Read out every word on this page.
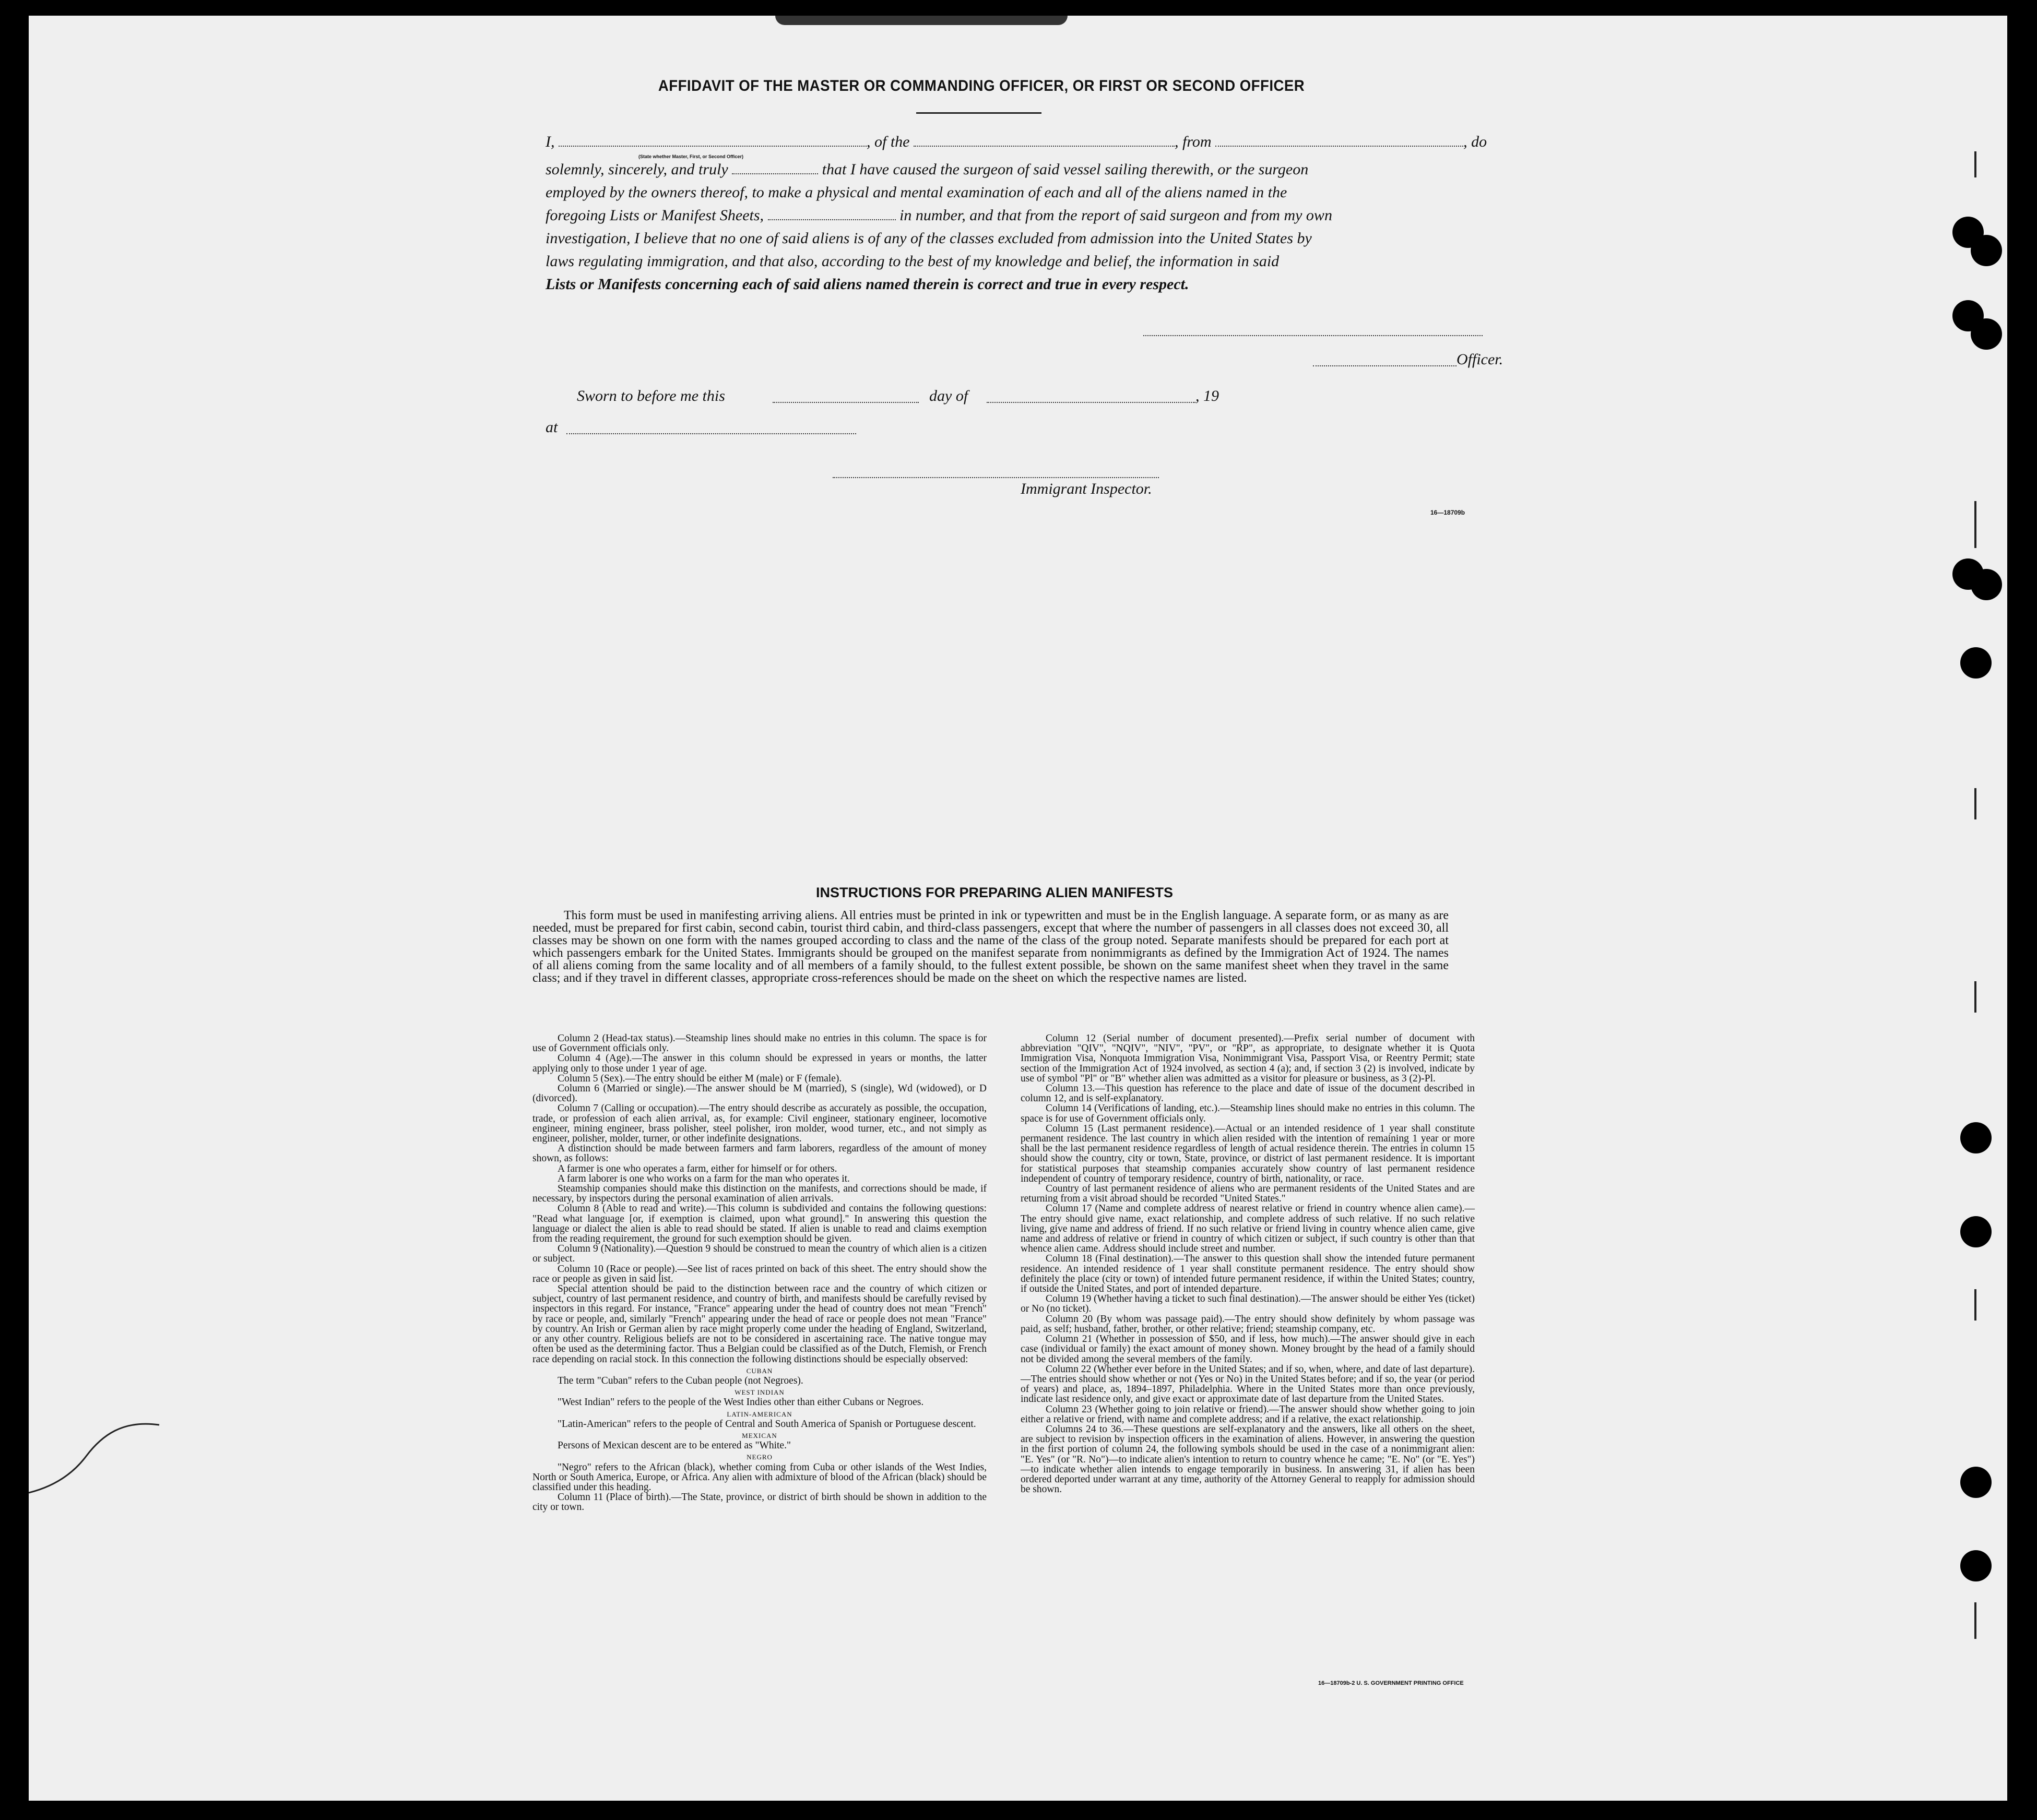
AFFIDAVIT OF THE MASTER OR COMMANDING OFFICER, OR FIRST OR SECOND OFFICER
I,	, of the	, from	, do
(State whether Master, First, or Second Officer)
solemnly, sincerely, and truly	that I have caused the surgeon of said vessel sailing therewith, or the surgeon
employed by the owners thereof, to make a physical and mental examination of each and all of the aliens named in the
foregoing Lists or Manifest Sheets,	in number, and that from the report of said surgeon and from my own
investigation, I believe that no one of said aliens is of any of the classes excluded from admission into the United States by
laws regulating immigration, and that also, according to the best of my knowledge and belief, the information in said
Lists or Manifests concerning each of said aliens named therein is correct and true in every respect.
Officer.
Sworn to before me this	day of	, 19
at
Immigrant Inspector.
16—18709b
INSTRUCTIONS FOR PREPARING ALIEN MANIFESTS

This form must be used in manifesting arriving aliens. All entries must be printed in ink or typewritten and must be in the English language. A separate form, or as many as are needed, must be prepared for first cabin, second cabin, tourist third cabin, and third-class passengers, except that where the number of passengers in all classes does not exceed 30, all classes may be shown on one form with the names grouped according to class and the name of the class of the group noted. Separate manifests should be prepared for each port at which passengers embark for the United States. Immigrants should be grouped on the manifest separate from nonimmigrants as defined by the Immigration Act of 1924. The names of all aliens coming from the same locality and of all members of a family should, to the fullest extent possible, be shown on the same manifest sheet when they travel in the same class; and if they travel in different classes, appropriate cross-references should be made on the sheet on which the respective names are listed.

Column 2 (Head-tax status).—Steamship lines should make no entries in this column. The space is for use of Government officials only.

Column 4 (Age).—The answer in this column should be expressed in years or months, the latter applying only to those under 1 year of age.

Column 5 (Sex).—The entry should be either M (male) or F (female).

Column 6 (Married or single).—The answer should be M (married), S (single), Wd (widowed), or D (divorced).

Column 7 (Calling or occupation).—The entry should describe as accurately as possible, the occupation, trade, or profession of each alien arrival, as, for example: Civil engineer, stationary engineer, locomotive engineer, mining engineer, brass polisher, steel polisher, iron molder, wood turner, etc., and not simply as engineer, polisher, molder, turner, or other indefinite designations.

A distinction should be made between farmers and farm laborers, regardless of the amount of money shown, as follows:

A farmer is one who operates a farm, either for himself or for others.

A farm laborer is one who works on a farm for the man who operates it.

Steamship companies should make this distinction on the manifests, and corrections should be made, if necessary, by inspectors during the personal examination of alien arrivals.

Column 8 (Able to read and write).—This column is subdivided and contains the following questions: "Read what language [or, if exemption is claimed, upon what ground]." In answering this question the language or dialect the alien is able to read should be stated. If alien is unable to read and claims exemption from the reading requirement, the ground for such exemption should be given.

Column 9 (Nationality).—Question 9 should be construed to mean the country of which alien is a citizen or subject.

Column 10 (Race or people).—See list of races printed on back of this sheet. The entry should show the race or people as given in said list.

Special attention should be paid to the distinction between race and the country of which citizen or subject, country of last permanent residence, and country of birth, and manifests should be carefully revised by inspectors in this regard. For instance, "France" appearing under the head of country does not mean "French" by race or people, and, similarly "French" appearing under the head of race or people does not mean "France" by country. An Irish or German alien by race might properly come under the heading of England, Switzerland, or any other country. Religious beliefs are not to be considered in ascertaining race. The native tongue may often be used as the determining factor. Thus a Belgian could be classified as of the Dutch, Flemish, or French race depending on racial stock. In this connection the following distinctions should be especially observed:

CUBAN

The term "Cuban" refers to the Cuban people (not Negroes).

WEST INDIAN

"West Indian" refers to the people of the West Indies other than either Cubans or Negroes.

LATIN-AMERICAN

"Latin-American" refers to the people of Central and South America of Spanish or Portuguese descent.

MEXICAN

Persons of Mexican descent are to be entered as "White."

NEGRO

"Negro" refers to the African (black), whether coming from Cuba or other islands of the West Indies, North or South America, Europe, or Africa. Any alien with admixture of blood of the African (black) should be classified under this heading.

Column 11 (Place of birth).—The State, province, or district of birth should be shown in addition to the city or town.

Column 12 (Serial number of document presented).—Prefix serial number of document with abbreviation "QIV", "NQIV", "NIV", "PV", or "RP", as appropriate, to designate whether it is Quota Immigration Visa, Nonquota Immigration Visa, Nonimmigrant Visa, Passport Visa, or Reentry Permit; state section of the Immigration Act of 1924 involved, as section 4 (a); and, if section 3 (2) is involved, indicate by use of symbol "Pl" or "B" whether alien was admitted as a visitor for pleasure or business, as 3 (2)-Pl.

Column 13.—This question has reference to the place and date of issue of the document described in column 12, and is self-explanatory.

Column 14 (Verifications of landing, etc.).—Steamship lines should make no entries in this column. The space is for use of Government officials only.

Column 15 (Last permanent residence).—Actual or an intended residence of 1 year shall constitute permanent residence. The last country in which alien resided with the intention of remaining 1 year or more shall be the last permanent residence regardless of length of actual residence therein. The entries in column 15 should show the country, city or town, State, province, or district of last permanent residence. It is important for statistical purposes that steamship companies accurately show country of last permanent residence independent of country of temporary residence, country of birth, nationality, or race.

Country of last permanent residence of aliens who are permanent residents of the United States and are returning from a visit abroad should be recorded "United States."

Column 17 (Name and complete address of nearest relative or friend in country whence alien came).—The entry should give name, exact relationship, and complete address of such relative. If no such relative living, give name and address of friend. If no such relative or friend living in country whence alien came, give name and address of relative or friend in country of which citizen or subject, if such country is other than that whence alien came. Address should include street and number.

Column 18 (Final destination).—The answer to this question shall show the intended future permanent residence. An intended residence of 1 year shall constitute permanent residence. The entry should show definitely the place (city or town) of intended future permanent residence, if within the United States; country, if outside the United States, and port of intended departure.

Column 19 (Whether having a ticket to such final destination).—The answer should be either Yes (ticket) or No (no ticket).

Column 20 (By whom was passage paid).—The entry should show definitely by whom passage was paid, as self; husband, father, brother, or other relative; friend; steamship company, etc.

Column 21 (Whether in possession of $50, and if less, how much).—The answer should give in each case (individual or family) the exact amount of money shown. Money brought by the head of a family should not be divided among the several members of the family.

Column 22 (Whether ever before in the United States; and if so, when, where, and date of last departure).—The entries should show whether or not (Yes or No) in the United States before; and if so, the year (or period of years) and place, as, 1894–1897, Philadelphia. Where in the United States more than once previously, indicate last residence only, and give exact or approximate date of last departure from the United States.

Column 23 (Whether going to join relative or friend).—The answer should show whether going to join either a relative or friend, with name and complete address; and if a relative, the exact relationship.

Columns 24 to 36.—These questions are self-explanatory and the answers, like all others on the sheet, are subject to revision by inspection officers in the examination of aliens. However, in answering the question in the first portion of column 24, the following symbols should be used in the case of a nonimmigrant alien: "E. Yes" (or "R. No")—to indicate alien's intention to return to country whence he came; "E. No" (or "E. Yes")—to indicate whether alien intends to engage temporarily in business. In answering 31, if alien has been ordered deported under warrant at any time, authority of the Attorney General to reapply for admission should be shown.

16—18709b-2 U. S. GOVERNMENT PRINTING OFFICE
